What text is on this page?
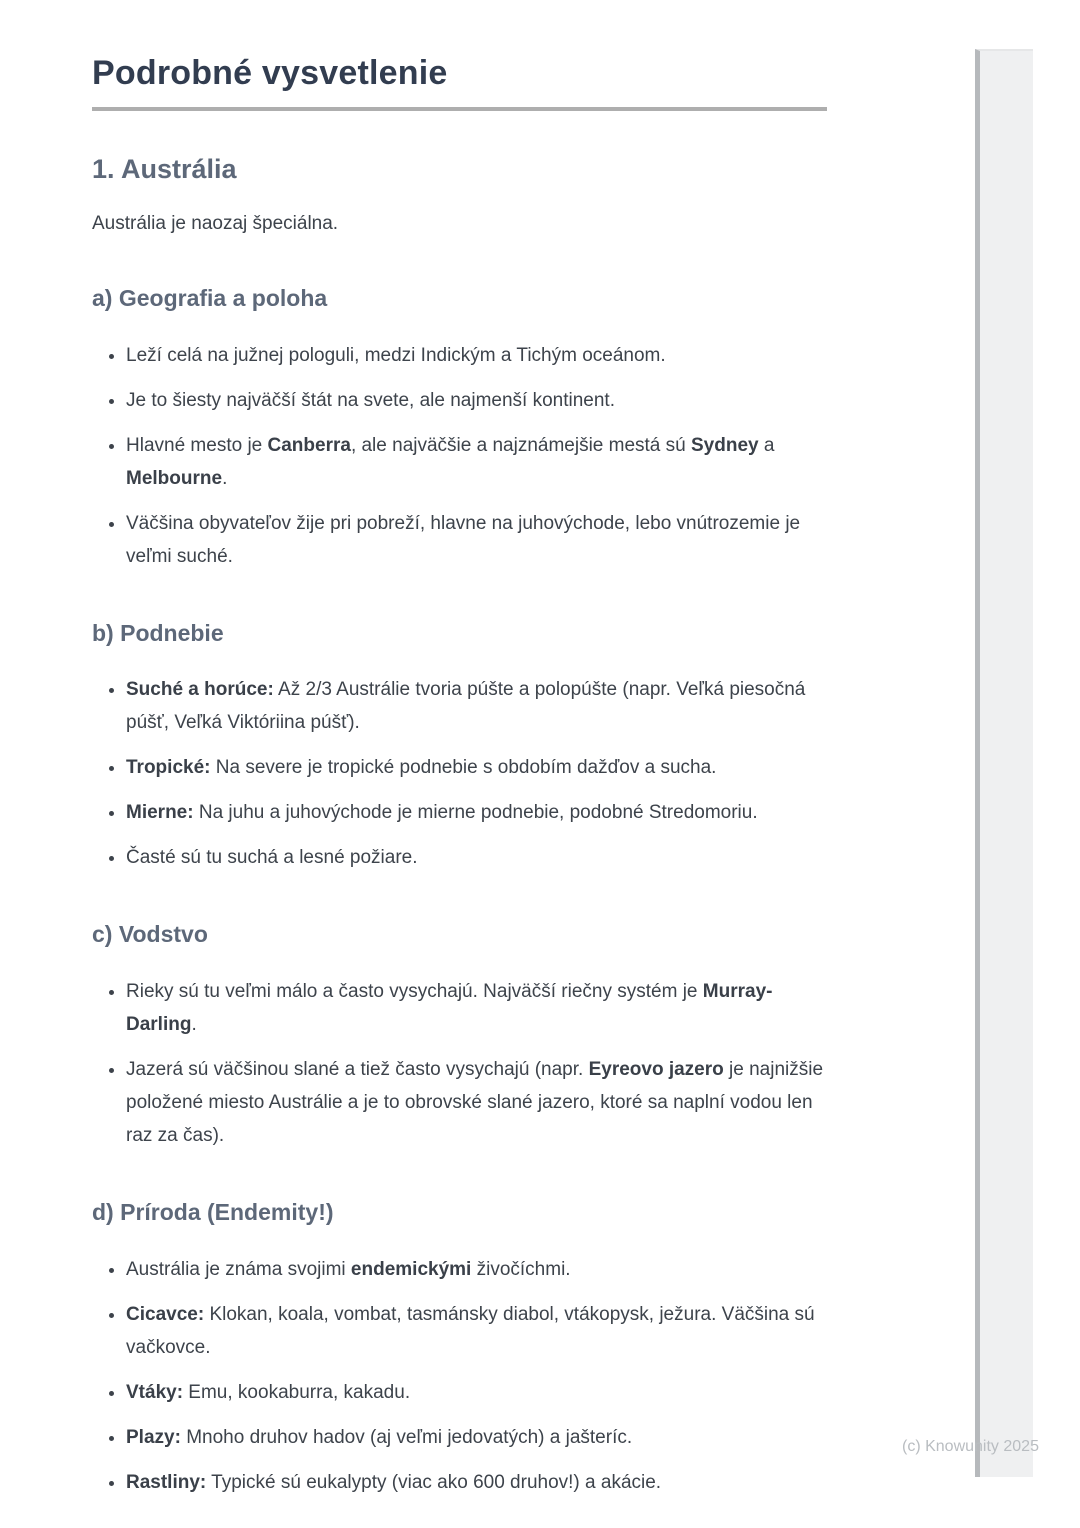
Podrobné vysvetlenie
1. Austrália

Austrália je naozaj špeciálna.

a) Geografia a poloha
• Leží celá na južnej pologuli, medzi Indickým a Tichým oceánom.
• Je to šiesty najväčší štát na svete, ale najmenší kontinent.
• Hlavné mesto je Canberra, ale najväčšie a najznámejšie mestá sú Sydney a Melbourne.
• Väčšina obyvateľov žije pri pobreží, hlavne na juhovýchode, lebo vnútrozemie je veľmi suché.
b) Podnebie
• Suché a horúce: Až 2/3 Austrálie tvoria púšte a polopúšte (napr. Veľká piesočná púšť, Veľká Viktóriina púšť).
• Tropické: Na severe je tropické podnebie s obdobím dažďov a sucha.
• Mierne: Na juhu a juhovýchode je mierne podnebie, podobné Stredomoriu.
• Časté sú tu suchá a lesné požiare.
c) Vodstvo
• Rieky sú tu veľmi málo a často vysychajú. Najväčší riečny systém je Murray-Darling.
• Jazerá sú väčšinou slané a tiež často vysychajú (napr. Eyreovo jazero je najnižšie položené miesto Austrálie a je to obrovské slané jazero, ktoré sa naplní vodou len raz za čas).
d) Príroda (Endemity!)
• Austrália je známa svojimi endemickými živočíchmi.
• Cicavce: Klokan, koala, vombat, tasmánsky diabol, vtákopysk, ježura. Väčšina sú vačkovce.
• Vtáky: Emu, kookaburra, kakadu.
• Plazy: Mnoho druhov hadov (aj veľmi jedovatých) a jašteríc.
• Rastliny: Typické sú eukalypty (viac ako 600 druhov!) a akácie.
(c) Knowunity 2025
